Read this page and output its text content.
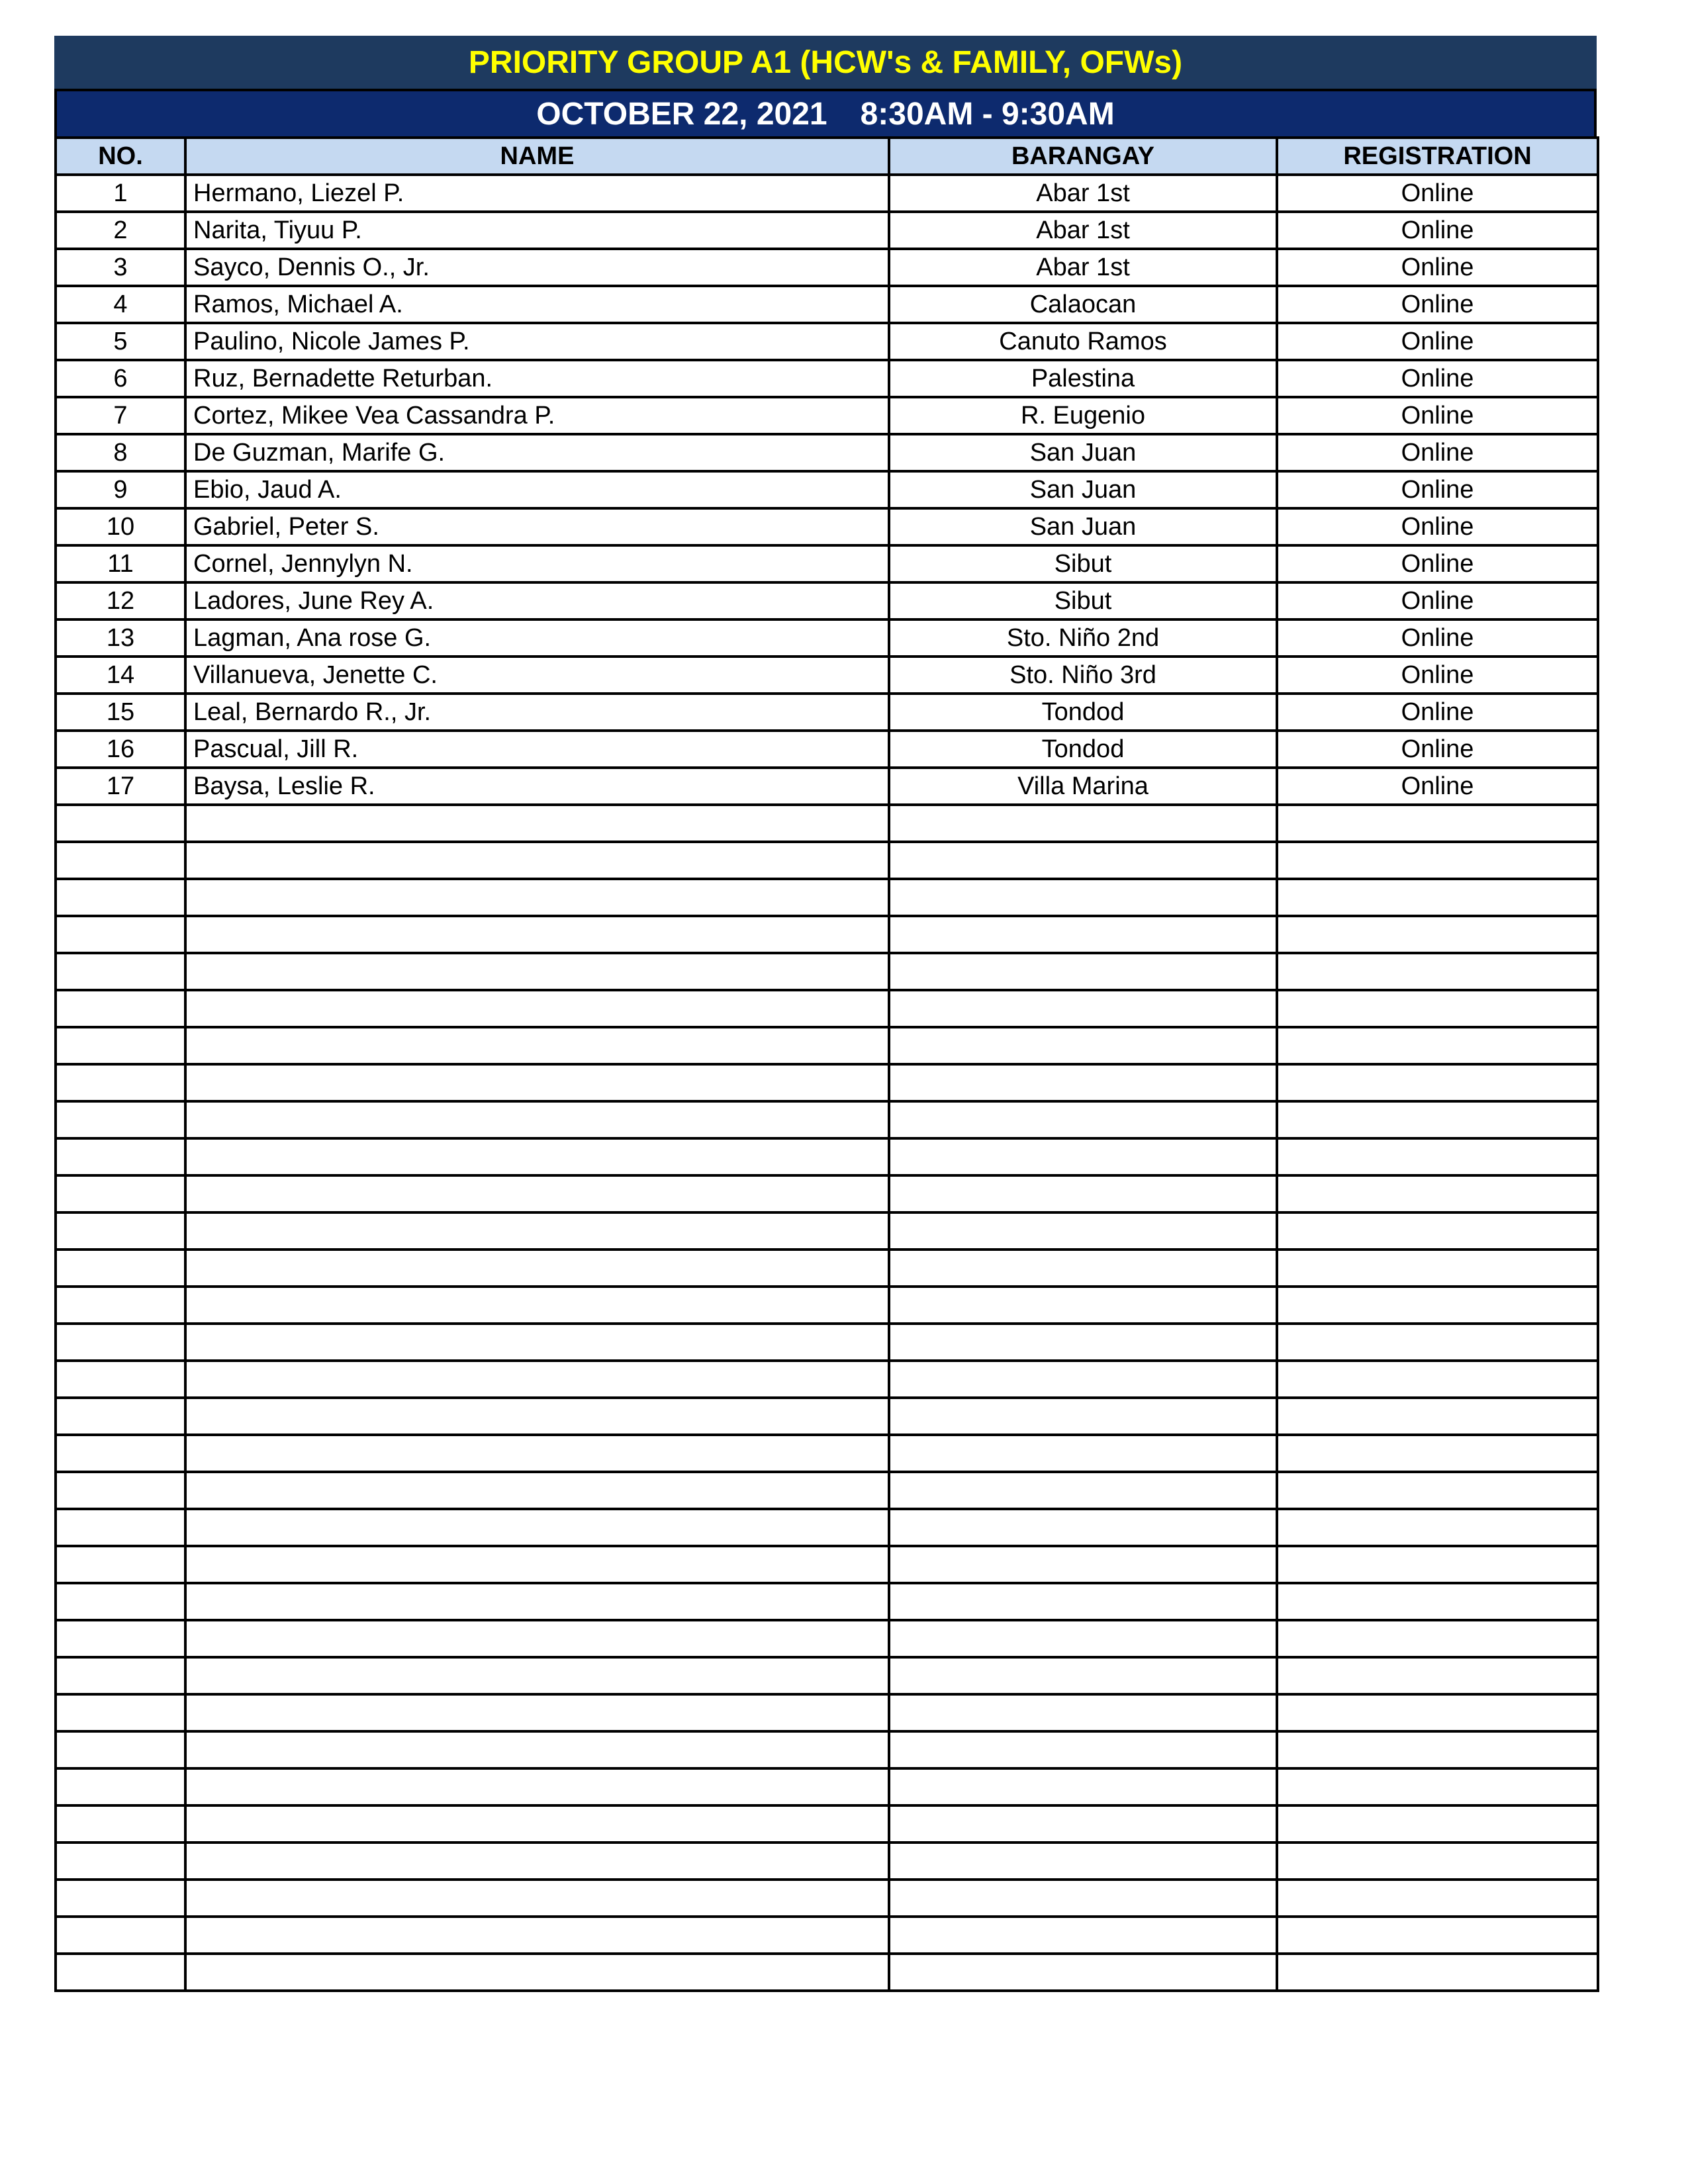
PRIORITY GROUP A1 (HCW's & FAMILY, OFWs)
OCTOBER 22, 2021 8:30AM - 9:30AM
NO.	NAME	BARANGAY	REGISTRATION
1	Hermano, Liezel P.	Abar 1st	Online
2	Narita, Tiyuu P.	Abar 1st	Online
3	Sayco, Dennis O., Jr.	Abar 1st	Online
4	Ramos, Michael A.	Calaocan	Online
5	Paulino, Nicole James P.	Canuto Ramos	Online
6	Ruz, Bernadette Returban.	Palestina	Online
7	Cortez, Mikee Vea Cassandra P.	R. Eugenio	Online
8	De Guzman, Marife G.	San Juan	Online
9	Ebio, Jaud A.	San Juan	Online
10	Gabriel, Peter S.	San Juan	Online
11	Cornel, Jennylyn N.	Sibut	Online
12	Ladores, June Rey A.	Sibut	Online
13	Lagman, Ana rose G.	Sto. Niño 2nd	Online
14	Villanueva, Jenette C.	Sto. Niño 3rd	Online
15	Leal, Bernardo R., Jr.	Tondod	Online
16	Pascual, Jill R.	Tondod	Online
17	Baysa, Leslie R.	Villa Marina	Online
